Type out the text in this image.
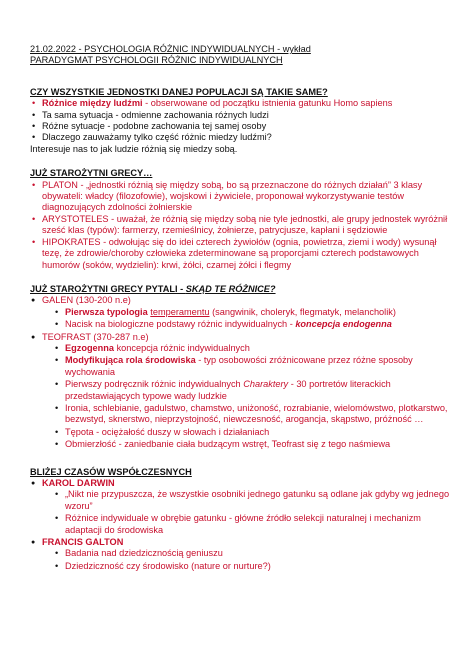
21.02.2022 - PSYCHOLOGIA RÓŻNIC INDYWIDUALNYCH - wykład
PARADYGMAT PSYCHOLOGII RÓŻNIC INDYWIDUALNYCH
CZY WSZYSTKIE JEDNOSTKI DANEJ POPULACJI SĄ TAKIE SAME?
• Różnice między ludźmi - obserwowane od początku istnienia gatunku Homo sapiens
• Ta sama sytuacja - odmienne zachowania różnych ludzi
• Różne sytuacje - podobne zachowania tej samej osoby
• Dlaczego zauważamy tylko część różnic miedzy ludźmi?
Interesuje nas to jak ludzie różnią się miedzy sobą.
JUŻ STAROŻYTNI GRECY…
• PLATON - „jednostki różnią się między sobą, bo są przeznaczone do różnych działań” 3 klasy obywateli: władcy (filozofowie), wojskowi i żywiciele, proponował wykorzystywanie testów diagnozujących zdolności żołnierskie
• ARYSTOTELES - uważał, że różnią się między sobą nie tyle jednostki, ale grupy jednostek wyróżnił sześć klas (typów): farmerzy, rzemieślnicy, żołnierze, patrycjusze, kapłani i sędziowie
• HIPOKRATES - odwołując się do idei czterech żywiołów (ognia, powietrza, ziemi i wody) wysunął tezę, że zdrowie/choroby człowieka zdeterminowane są proporcjami czterech podstawowych humorów (soków, wydzielin): krwi, żółci, czarnej żółci i flegmy
JUŻ STAROŻYTNI GRECY PYTALI - SKĄD TE RÓŻNICE?
● GALEN (130-200 n.e)
• Pierwsza typologia temperamentu (sangwinik, choleryk, flegmatyk, melancholik)
• Nacisk na biologiczne podstawy różnic indywidualnych - koncepcja endogenna
● TEOFRAST (370-287 n.e)
• Egzogenna koncepcja różnic indywidualnych
• Modyfikująca rola środowiska - typ osobowości zróżnicowane przez różne sposoby wychowania
• Pierwszy podręcznik różnic indywidualnych Charaktery - 30 portretów literackich przedstawiających typowe wady ludzkie
• Ironia, schlebianie, gadulstwo, chamstwo, uniżoność, rozrabianie, wielomówstwo, plotkarstwo, bezwstyd, sknerstwo, nieprzystojność, niewczesność, arogancja, skąpstwo, próżność …
• Tępota - ociężałość duszy w słowach i działaniach
• Obmierzłość - zaniedbanie ciała budzącym wstręt, Teofrast się z tego naśmiewa
BLIŻEJ CZASÓW WSPÓŁCZESNYCH
● KAROL DARWIN
• „Nikt nie przypuszcza, że wszystkie osobniki jednego gatunku są odlane jak gdyby wg jednego wzoru”
• Różnice indywiduale w obrębie gatunku - główne źródło selekcji naturalnej i mechanizm adaptacji do środowiska
● FRANCIS GALTON
• Badania nad dziedzicznością geniuszu
• Dziedziczność czy środowisko (nature or nurture?)
